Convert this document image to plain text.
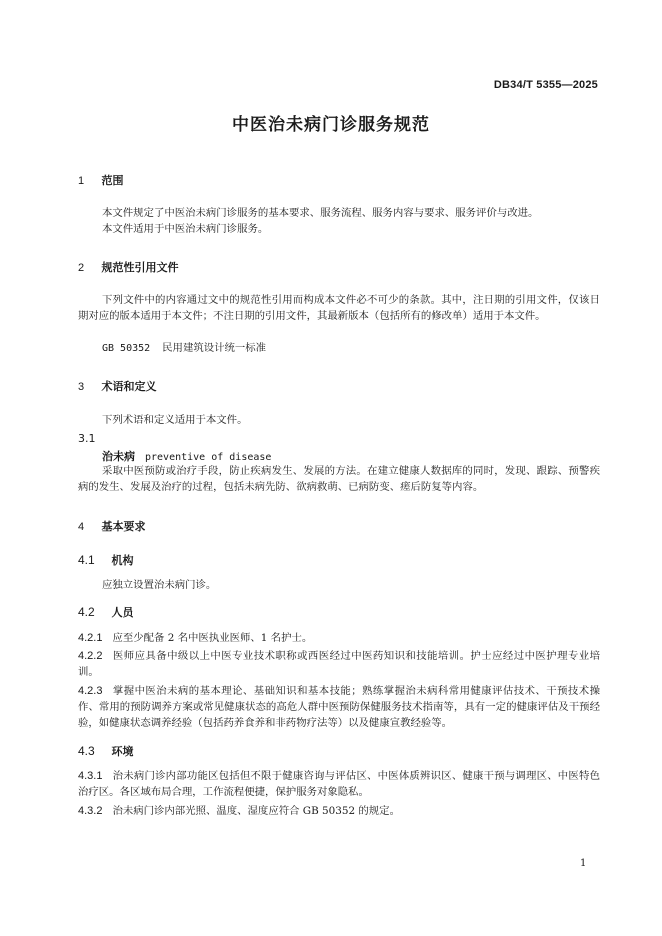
DB34/T 5355—2025
中医治未病门诊服务规范
1 范围
本文件规定了中医治未病门诊服务的基本要求、服务流程、服务内容与要求、服务评价与改进。
本文件适用于中医治未病门诊服务。
2 规范性引用文件
下列文件中的内容通过文中的规范性引用而构成本文件必不可少的条款。其中，注日期的引用文件，仅该日期对应的版本适用于本文件；不注日期的引用文件，其最新版本（包括所有的修改单）适用于本文件。
GB 50352 民用建筑设计统一标准
3 术语和定义
下列术语和定义适用于本文件。
3.1
治未病 preventive of disease
采取中医预防或治疗手段，防止疾病发生、发展的方法。在建立健康人数据库的同时，发现、跟踪、预警疾病的发生、发展及治疗的过程，包括未病先防、欲病救萌、已病防变、瘥后防复等内容。
4 基本要求
4.1 机构
应独立设置治未病门诊。
4.2 人员
4.2.1 应至少配备 2 名中医执业医师、1 名护士。
4.2.2 医师应具备中级以上中医专业技术职称或西医经过中医药知识和技能培训。护士应经过中医护理专业培训。
4.2.3 掌握中医治未病的基本理论、基础知识和基本技能；熟练掌握治未病科常用健康评估技术、干预技术操作、常用的预防调养方案或常见健康状态的高危人群中医预防保健服务技术指南等，具有一定的健康评估及干预经验，如健康状态调养经验（包括药养食养和非药物疗法等）以及健康宣教经验等。
4.3 环境
4.3.1 治未病门诊内部功能区包括但不限于健康咨询与评估区、中医体质辨识区、健康干预与调理区、中医特色治疗区。各区域布局合理，工作流程便捷，保护服务对象隐私。
4.3.2 治未病门诊内部光照、温度、湿度应符合 GB 50352 的规定。
1
